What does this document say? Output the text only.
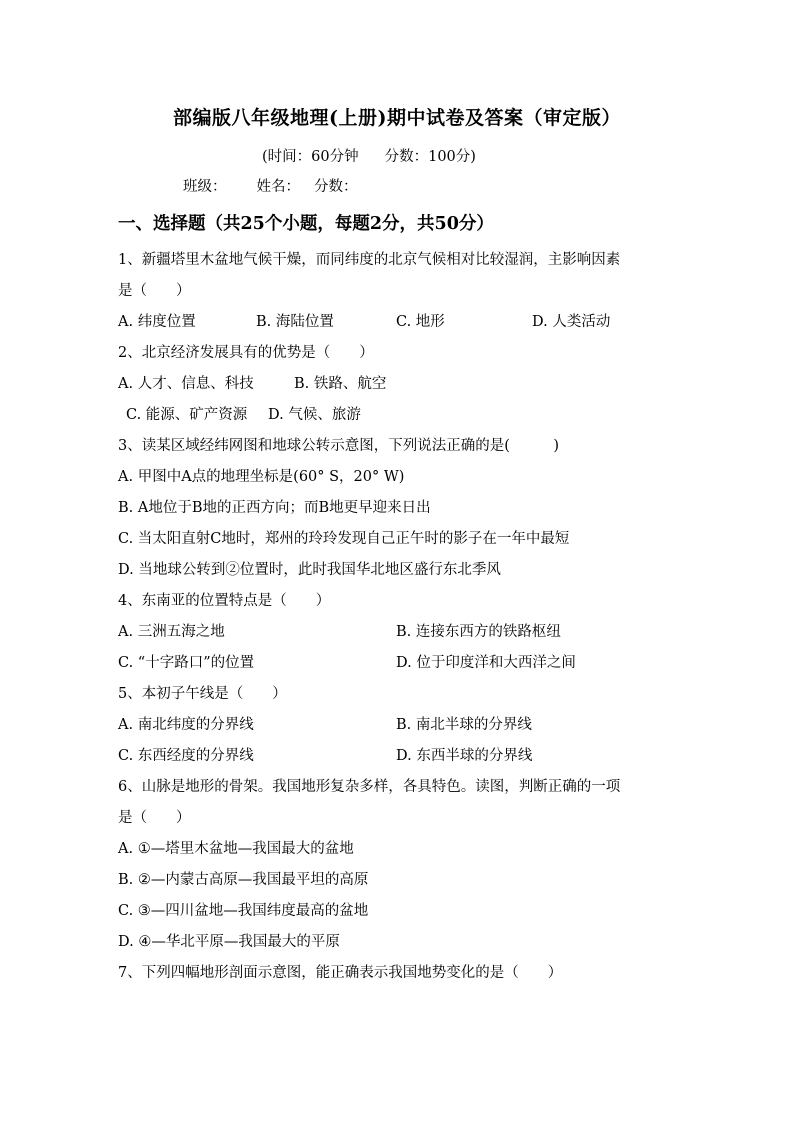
部编版八年级地理(上册)期中试卷及答案（审定版）
(时间：60分钟 分数：100分)
班级： 姓名： 分数：
一、选择题（共25个小题，每题2分，共50分）
1、新疆塔里木盆地气候干燥，而同纬度的北京气候相对比较湿润，主影响因素
是（　　）
A. 纬度位置	B. 海陆位置	C. 地形	D. 人类活动
2、北京经济发展具有的优势是（　　）
A. 人才、信息、科技	B. 铁路、航空
C. 能源、矿产资源 D. 气候、旅游
3、读某区域经纬网图和地球公转示意图，下列说法正确的是(　　　)
A. 甲图中A点的地理坐标是(60° S，20° W)
B. A地位于B地的正西方向；而B地更早迎来日出
C. 当太阳直射C地时，郑州的玲玲发现自己正午时的影子在一年中最短
D. 当地球公转到②位置时，此时我国华北地区盛行东北季风
4、东南亚的位置特点是（　　）
A. 三洲五海之地	B. 连接东西方的铁路枢纽
C. “十字路口”的位置	D. 位于印度洋和大西洋之间
5、本初子午线是（　　）
A. 南北纬度的分界线	B. 南北半球的分界线
C. 东西经度的分界线	D. 东西半球的分界线
6、山脉是地形的骨架。我国地形复杂多样，各具特色。读图，判断正确的一项
是（　　）
A. ①—塔里木盆地—我国最大的盆地
B. ②—内蒙古高原—我国最平坦的高原
C. ③—四川盆地—我国纬度最高的盆地
D. ④—华北平原—我国最大的平原
7、下列四幅地形剖面示意图，能正确表示我国地势变化的是（　　）
